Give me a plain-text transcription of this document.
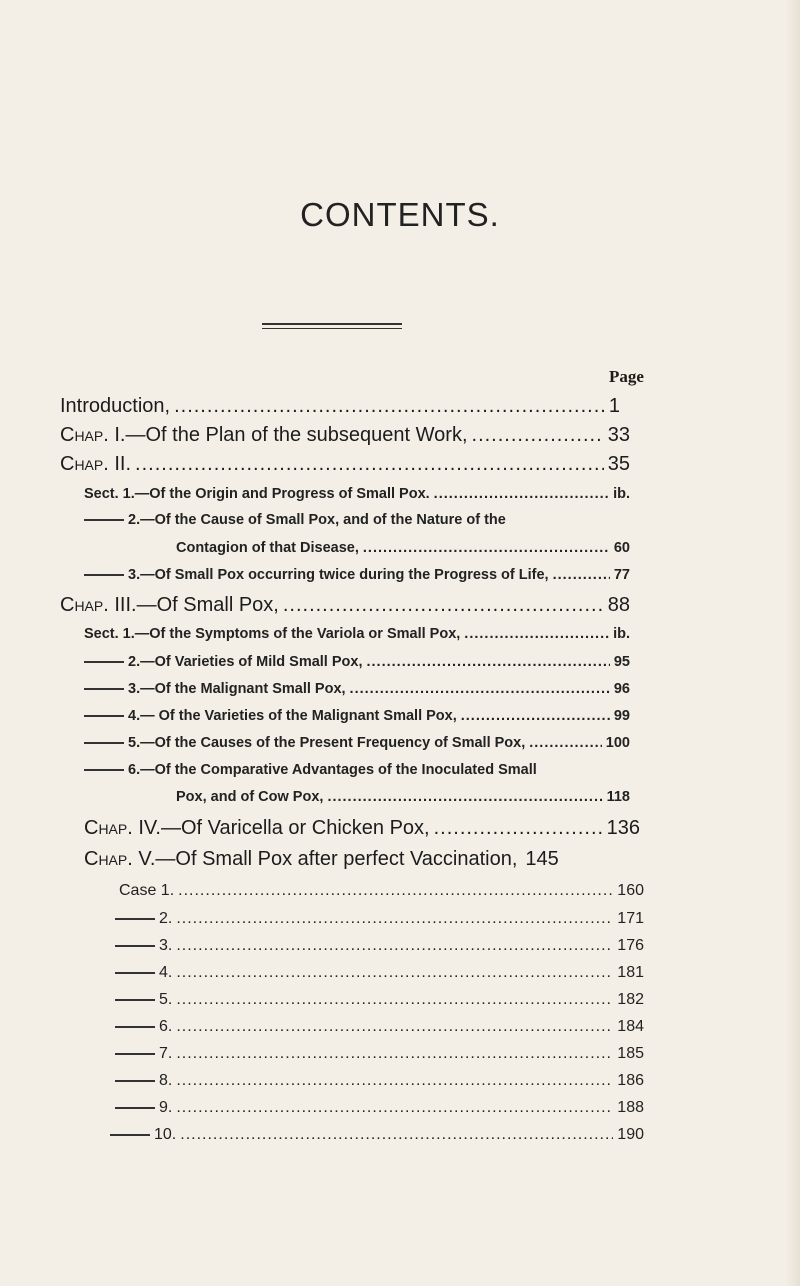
CONTENTS.
Page
Introduction, .....	1
Chap. I.—Of the Plan of the subsequent Work, .....	33
Chap. II. .....	35
Sect. 1.—Of the Origin and Progress of Small Pox. .....	ib.
2.—Of the Cause of Small Pox, and of the Nature of the
Contagion of that Disease, .....	60
3.—Of Small Pox occurring twice during the Progress of Life, .....	77
Chap. III.—Of Small Pox, .....	88
Sect. 1.—Of the Symptoms of the Variola or Small Pox, .....	ib.
2.—Of Varieties of Mild Small Pox, .....	95
3.—Of the Malignant Small Pox, .....	96
4.— Of the Varieties of the Malignant Small Pox, .....	99
5.—Of the Causes of the Present Frequency of Small Pox, .....	100
6.—Of the Comparative Advantages of the Inoculated Small
Pox, and of Cow Pox, .....	118
Chap. IV.—Of Varicella or Chicken Pox, .....	136
Chap. V.—Of Small Pox after perfect Vaccination, 145
Case 1. .....	160
2. .....	171
3. .....	176
4. .....	181
5. .....	182
6. .....	184
7. .....	185
8. .....	186
9. .....	188
10. .....	190
